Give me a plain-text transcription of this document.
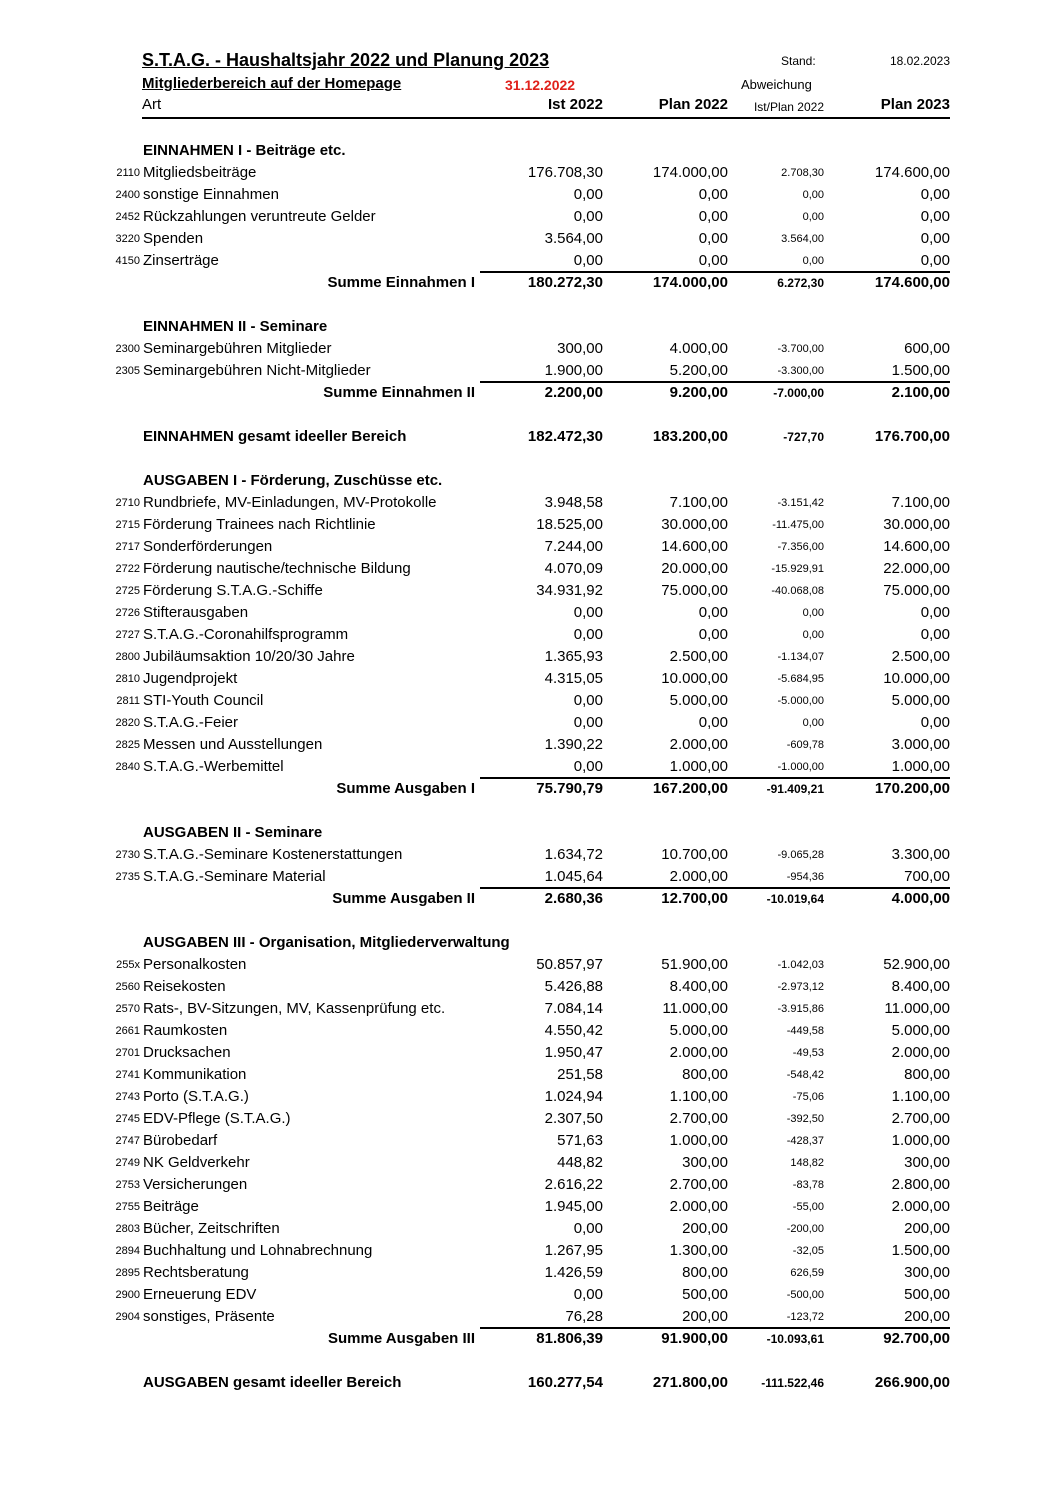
S.T.A.G. - Haushaltsjahr 2022 und Planung 2023	Stand:	18.02.2023
Mitgliederbereich auf der Homepage	31.12.2022	Abweichung
Art	Ist 2022	Plan 2022	Ist/Plan 2022	Plan 2023
EINNAHMEN I - Beiträge etc.
2110 Mitgliedsbeiträge	176.708,30	174.000,00	2.708,30	174.600,00
2400 sonstige Einnahmen	0,00	0,00	0,00	0,00
2452 Rückzahlungen veruntreute Gelder	0,00	0,00	0,00	0,00
3220 Spenden	3.564,00	0,00	3.564,00	0,00
4150 Zinserträge	0,00	0,00	0,00	0,00
Summe Einnahmen I	180.272,30	174.000,00	6.272,30	174.600,00
EINNAHMEN II - Seminare
2300 Seminargebühren Mitglieder	300,00	4.000,00	-3.700,00	600,00
2305 Seminargebühren Nicht-Mitglieder	1.900,00	5.200,00	-3.300,00	1.500,00
Summe Einnahmen II	2.200,00	9.200,00	-7.000,00	2.100,00
EINNAHMEN gesamt ideeller Bereich	182.472,30	183.200,00	-727,70	176.700,00
AUSGABEN I - Förderung, Zuschüsse etc.
2710 Rundbriefe, MV-Einladungen, MV-Protokolle	3.948,58	7.100,00	-3.151,42	7.100,00
2715 Förderung Trainees nach Richtlinie	18.525,00	30.000,00	-11.475,00	30.000,00
2717 Sonderförderungen	7.244,00	14.600,00	-7.356,00	14.600,00
2722 Förderung nautische/technische Bildung	4.070,09	20.000,00	-15.929,91	22.000,00
2725 Förderung S.T.A.G.-Schiffe	34.931,92	75.000,00	-40.068,08	75.000,00
2726 Stifterausgaben	0,00	0,00	0,00	0,00
2727 S.T.A.G.-Coronahilfsprogramm	0,00	0,00	0,00	0,00
2800 Jubiläumsaktion 10/20/30 Jahre	1.365,93	2.500,00	-1.134,07	2.500,00
2810 Jugendprojekt	4.315,05	10.000,00	-5.684,95	10.000,00
2811 STI-Youth Council	0,00	5.000,00	-5.000,00	5.000,00
2820 S.T.A.G.-Feier	0,00	0,00	0,00	0,00
2825 Messen und Ausstellungen	1.390,22	2.000,00	-609,78	3.000,00
2840 S.T.A.G.-Werbemittel	0,00	1.000,00	-1.000,00	1.000,00
Summe Ausgaben I	75.790,79	167.200,00	-91.409,21	170.200,00
AUSGABEN II - Seminare
2730 S.T.A.G.-Seminare Kostenerstattungen	1.634,72	10.700,00	-9.065,28	3.300,00
2735 S.T.A.G.-Seminare Material	1.045,64	2.000,00	-954,36	700,00
Summe Ausgaben II	2.680,36	12.700,00	-10.019,64	4.000,00
AUSGABEN III - Organisation, Mitgliederverwaltung
255x Personalkosten	50.857,97	51.900,00	-1.042,03	52.900,00
2560 Reisekosten	5.426,88	8.400,00	-2.973,12	8.400,00
2570 Rats-, BV-Sitzungen, MV, Kassenprüfung etc.	7.084,14	11.000,00	-3.915,86	11.000,00
2661 Raumkosten	4.550,42	5.000,00	-449,58	5.000,00
2701 Drucksachen	1.950,47	2.000,00	-49,53	2.000,00
2741 Kommunikation	251,58	800,00	-548,42	800,00
2743 Porto (S.T.A.G.)	1.024,94	1.100,00	-75,06	1.100,00
2745 EDV-Pflege (S.T.A.G.)	2.307,50	2.700,00	-392,50	2.700,00
2747 Bürobedarf	571,63	1.000,00	-428,37	1.000,00
2749 NK Geldverkehr	448,82	300,00	148,82	300,00
2753 Versicherungen	2.616,22	2.700,00	-83,78	2.800,00
2755 Beiträge	1.945,00	2.000,00	-55,00	2.000,00
2803 Bücher, Zeitschriften	0,00	200,00	-200,00	200,00
2894 Buchhaltung und Lohnabrechnung	1.267,95	1.300,00	-32,05	1.500,00
2895 Rechtsberatung	1.426,59	800,00	626,59	300,00
2900 Erneuerung EDV	0,00	500,00	-500,00	500,00
2904 sonstiges, Präsente	76,28	200,00	-123,72	200,00
Summe Ausgaben III	81.806,39	91.900,00	-10.093,61	92.700,00
AUSGABEN gesamt ideeller Bereich	160.277,54	271.800,00	-111.522,46	266.900,00
